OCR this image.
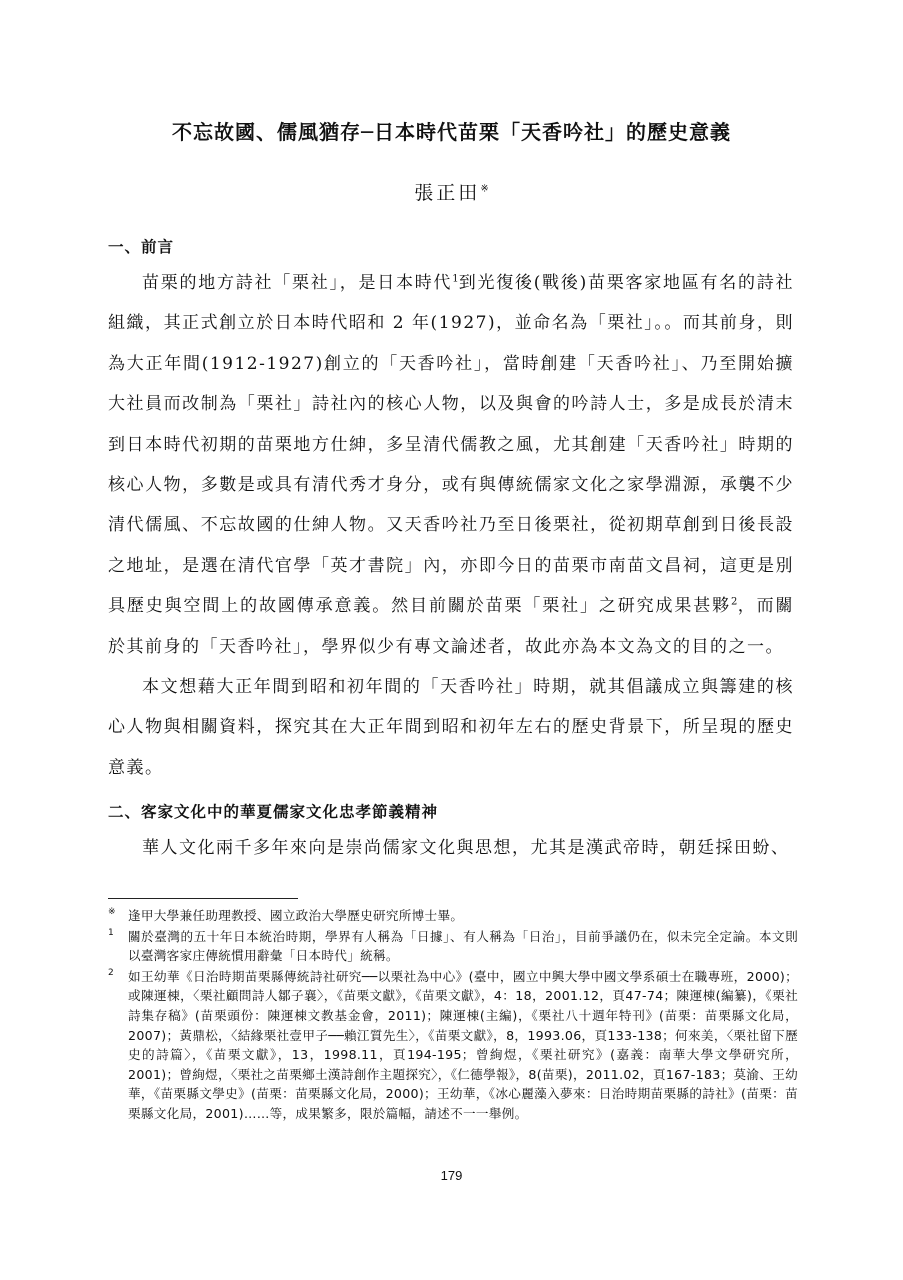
不忘故國、儒風猶存─日本時代苗栗「天香吟社」的歷史意義
張正田※
一、前言

苗栗的地方詩社「栗社」，是日本時代$^1$到光復後(戰後)苗栗客家地區有名的詩社組織，其正式創立於日本時代昭和 2 年(1927)，並命名為「栗社」。。而其前身，則為大正年間(1912-1927)創立的「天香吟社」，當時創建「天香吟社」、乃至開始擴大社員而改制為「栗社」詩社內的核心人物，以及與會的吟詩人士，多是成長於清末到日本時代初期的苗栗地方仕紳，多呈清代儒教之風，尤其創建「天香吟社」時期的核心人物，多數是或具有清代秀才身分，或有與傳統儒家文化之家學淵源，承襲不少清代儒風、不忘故國的仕紳人物。又天香吟社乃至日後栗社，從初期草創到日後長設之地址，是選在清代官學「英才書院」內，亦即今日的苗栗市南苗文昌祠，這更是別具歷史與空間上的故國傳承意義。然目前關於苗栗「栗社」之研究成果甚夥$^2$，而關於其前身的「天香吟社」，學界似少有專文論述者，故此亦為本文為文的目的之一。

本文想藉大正年間到昭和初年間的「天香吟社」時期，就其倡議成立與籌建的核心人物與相關資料，探究其在大正年間到昭和初年左右的歷史背景下，所呈現的歷史意義。

二、客家文化中的華夏儒家文化忠孝節義精神

華人文化兩千多年來向是崇尚儒家文化與思想，尤其是漢武帝時，朝廷採田蚡、

※ 逢甲大學兼任助理教授、國立政治大學歷史研究所博士畢。
1 關於臺灣的五十年日本統治時期，學界有人稱為「日據」、有人稱為「日治」，目前爭議仍在，似未完全定論。本文則以臺灣客家庄傳統慣用辭彙「日本時代」統稱。
2 如王幼華《日治時期苗栗縣傳統詩社研究──以栗社為中心》(臺中，國立中興大學中國文學系碩士在職專班，2000)；或陳運棟，〈栗社顧問詩人鄒子襄〉，《苗栗文獻》，《苗栗文獻》，4：18，2001.12，頁47-74；陳運棟(編纂)，《栗社詩集存稿》(苗栗頭份：陳運棟文教基金會，2011)；陳運棟(主編)，《栗社八十週年特刊》(苗栗：苗栗縣文化局，2007)；黃鼎松，〈結緣栗社壹甲子──賴江質先生〉，《苗栗文獻》，8，1993.06，頁133-138；何來美，〈栗社留下歷史的詩篇〉，《苗栗文獻》，13，1998.11，頁194-195；曾絢煜，《栗社研究》(嘉義：南華大學文學研究所，2001)；曾絢煜，〈栗社之苗栗鄉土漢詩創作主題探究〉，《仁德學報》，8(苗栗)，2011.02，頁167-183；莫渝、王幼華，《苗栗縣文學史》(苗栗：苗栗縣文化局，2000)；王幼華，《冰心麗藻入夢來：日治時期苗栗縣的詩社》(苗栗：苗栗縣文化局，2001)……等，成果繁多，限於篇幅，請述不一一舉例。
179
